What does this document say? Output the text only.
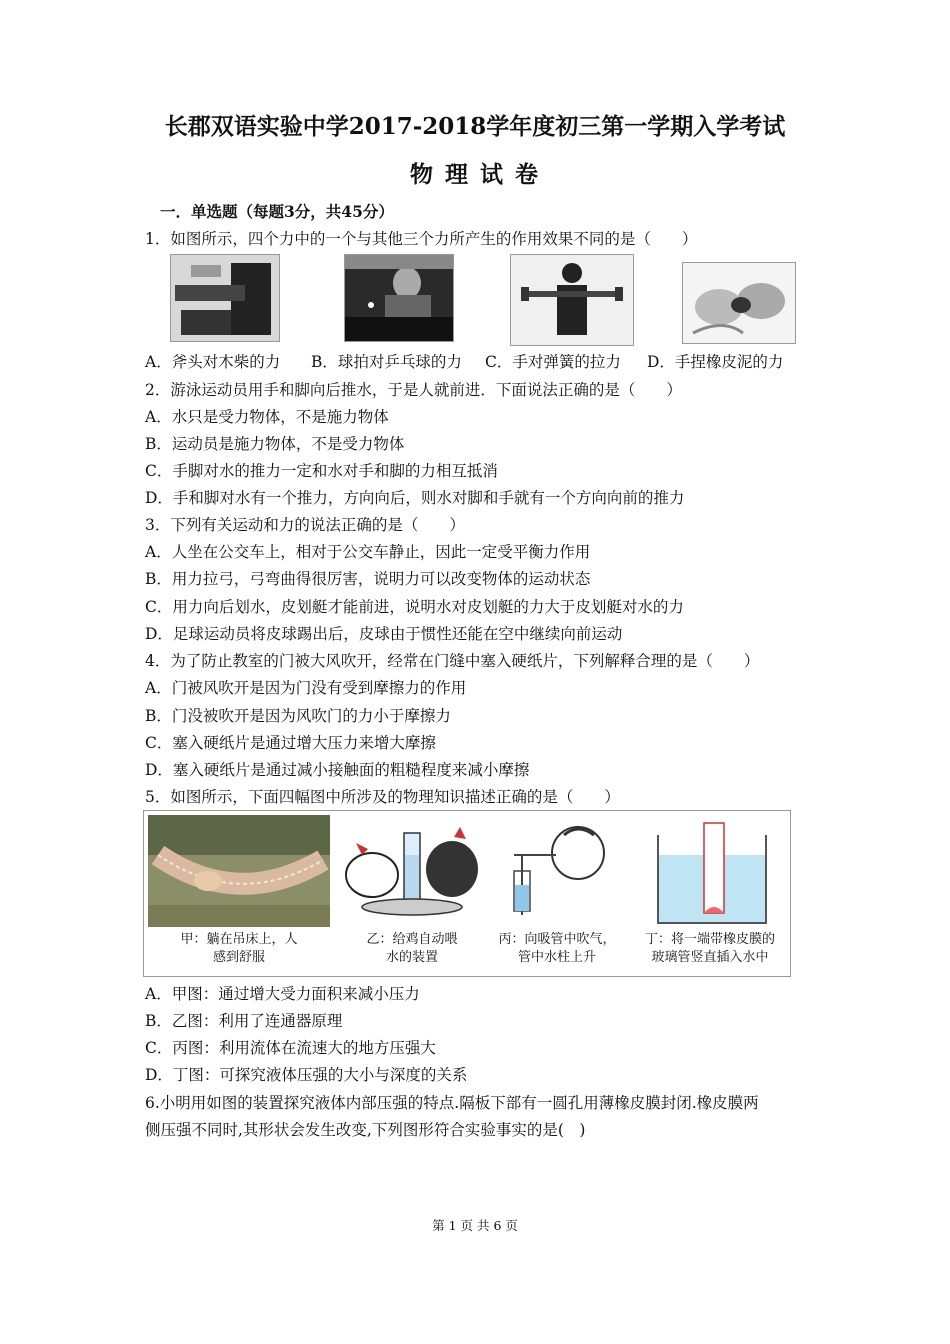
长郡双语实验中学2017-2018学年度初三第一学期入学考试
物 理 试 卷
一．单选题（每题3分，共45分）
1．如图所示，四个力中的一个与其他三个力所产生的作用效果不同的是（　　）
A．斧头对木柴的力 B．球拍对乒乓球的力 C．手对弹簧的拉力 D．手捏橡皮泥的力
2．游泳运动员用手和脚向后推水，于是人就前进．下面说法正确的是（　　）
A．水只是受力物体，不是施力物体
B．运动员是施力物体，不是受力物体
C．手脚对水的推力一定和水对手和脚的力相互抵消
D．手和脚对水有一个推力，方向向后，则水对脚和手就有一个方向向前的推力
3．下列有关运动和力的说法正确的是（　　）
A．人坐在公交车上，相对于公交车静止，因此一定受平衡力作用
B．用力拉弓，弓弯曲得很厉害，说明力可以改变物体的运动状态
C．用力向后划水，皮划艇才能前进，说明水对皮划艇的力大于皮划艇对水的力
D．足球运动员将皮球踢出后，皮球由于惯性还能在空中继续向前运动
4．为了防止教室的门被大风吹开，经常在门缝中塞入硬纸片，下列解释合理的是（　　）
A．门被风吹开是因为门没有受到摩擦力的作用
B．门没被吹开是因为风吹门的力小于摩擦力
C．塞入硬纸片是通过增大压力来增大摩擦
D．塞入硬纸片是通过减小接触面的粗糙程度来减小摩擦
5．如图所示，下面四幅图中所涉及的物理知识描述正确的是（　　）
甲：躺在吊床上，人
感到舒服
乙：给鸡自动喂
水的装置
丙：向吸管中吹气，
管中水柱上升
丁：将一端带橡皮膜的
玻璃管竖直插入水中
A．甲图：通过增大受力面积来减小压力
B．乙图：利用了连通器原理
C．丙图：利用流体在流速大的地方压强大
D．丁图：可探究液体压强的大小与深度的关系
6.小明用如图的装置探究液体内部压强的特点.隔板下部有一圆孔用薄橡皮膜封闭.橡皮膜两
侧压强不同时,其形状会发生改变,下列图形符合实验事实的是(　)
第 1 页 共 6 页
